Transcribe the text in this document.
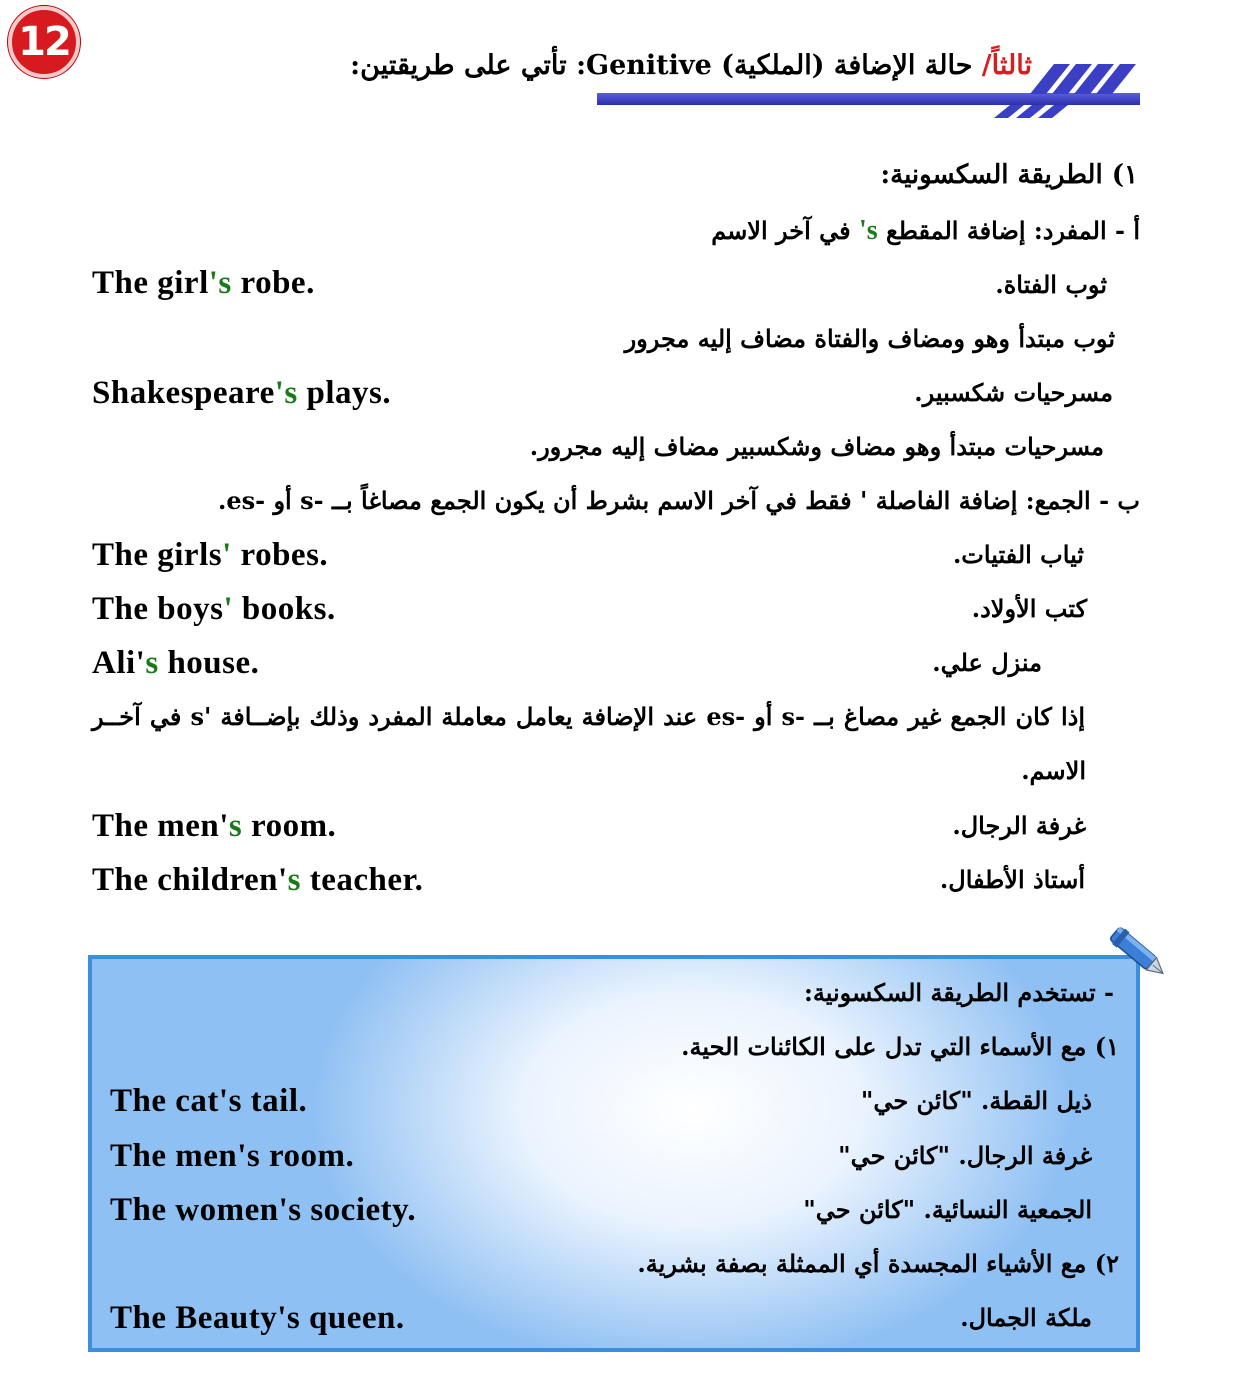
12
ثالثاً/ حالة الإضافة (الملكية) Genitive: تأتي على طريقتين:
١) الطريقة السكسونية:
أ - المفرد: إضافة المقطع 's في آخر الاسم
The girl's robe.	ثوب الفتاة.
ثوب مبتدأ وهو ومضاف والفتاة مضاف إليه مجرور
Shakespeare's plays.	مسرحيات شكسبير.
مسرحيات مبتدأ وهو مضاف وشكسبير مضاف إليه مجرور.
ب - الجمع: إضافة الفاصلة ' فقط في آخر الاسم بشرط أن يكون الجمع مصاغاً بــ -s أو -es.
The girls' robes.	ثياب الفتيات.
The boys' books.	كتب الأولاد.
Ali's house.	منزل علي.
إذا كان الجمع غير مصاغ بــ -s أو -es عند الإضافة يعامل معاملة المفرد وذلك بإضــافة 's في آخــر
الاسم.
The men's room.	غرفة الرجال.
The children's teacher.	أستاذ الأطفال.
- تستخدم الطريقة السكسونية:
١) مع الأسماء التي تدل على الكائنات الحية.
The cat's tail.	ذيل القطة. "كائن حي"
The men's room.	غرفة الرجال. "كائن حي"
The women's society.	الجمعية النسائية. "كائن حي"
٢) مع الأشياء المجسدة أي الممثلة بصفة بشرية.
The Beauty's queen.	ملكة الجمال.
